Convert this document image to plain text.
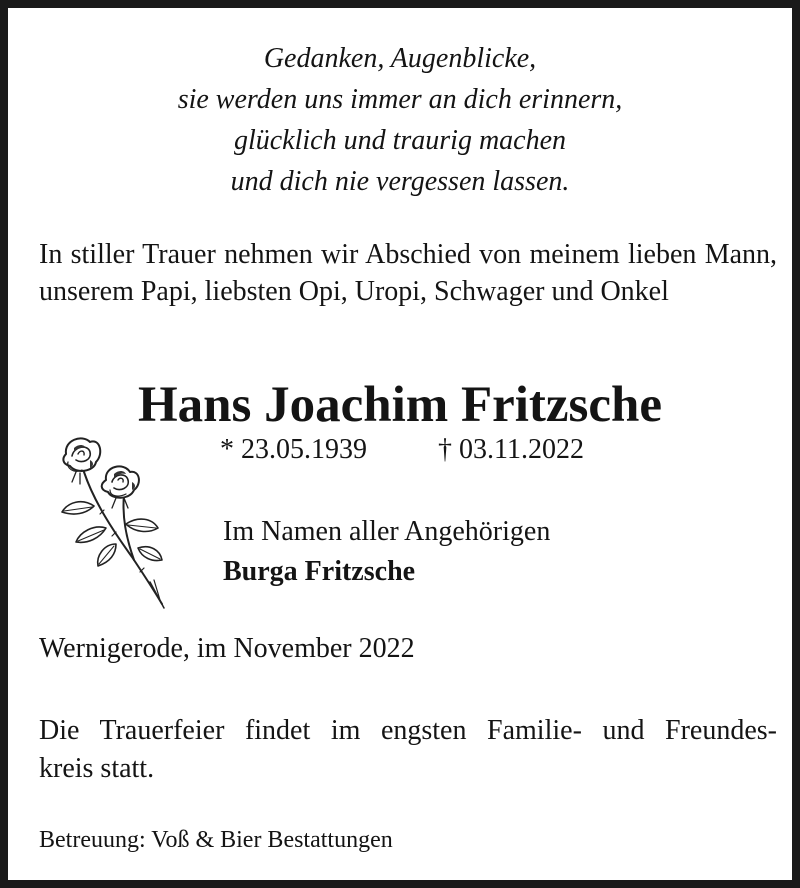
Gedanken, Augenblicke,
sie werden uns immer an dich erinnern,
glücklich und traurig machen
und dich nie vergessen lassen.
In stiller Trauer nehmen wir Abschied von meinem lieben Mann, unserem Papi, liebsten Opi, Uropi, Schwager und Onkel
Hans Joachim Fritzsche
* 23.05.1939	† 03.11.2022
Im Namen aller Angehörigen
Burga Fritzsche
Wernigerode, im November 2022
Die Trauerfeier findet im engsten Familie- und Freundes-
kreis statt.
Betreuung: Voß & Bier Bestattungen
